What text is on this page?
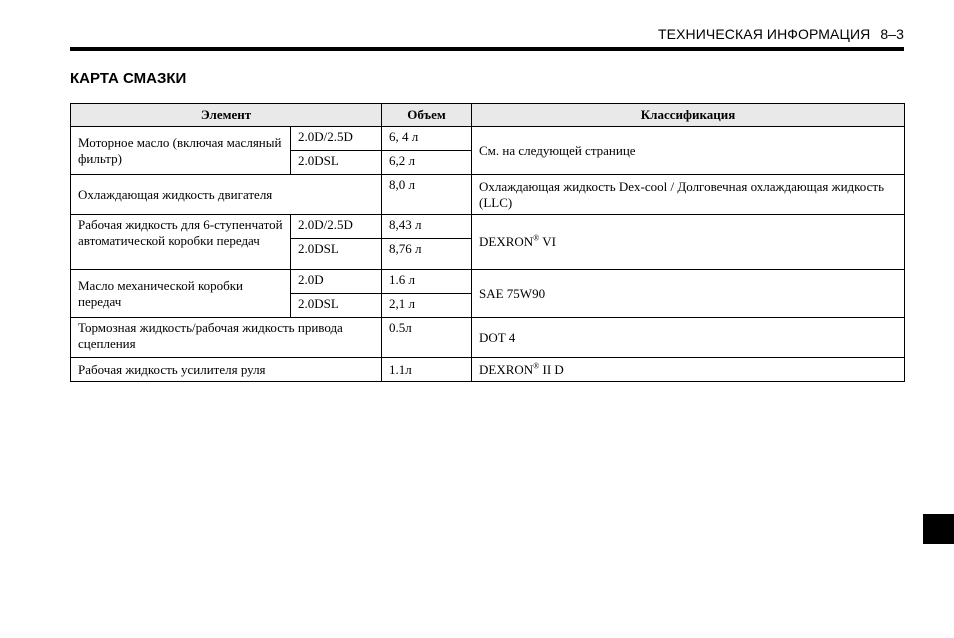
ТЕХНИЧЕСКАЯ ИНФОРМАЦИЯ 8–3
КАРТА СМАЗКИ
Элемент		Объем	Классификация
Моторное масло (включая масляный фильтр)	2.0D/2.5D	6, 4 л	См. на следующей странице
	2.0DSL	6,2 л	
Охлаждающая жидкость двигателя		8,0 л	Охлаждающая жидкость Dex-cool / Долговечная охлаждающая жидкость (LLC)
Рабочая жидкость для 6-ступенчатой автоматической коробки передач	2.0D/2.5D	8,43 л	DEXRON® VI
	2.0DSL	8,76 л	
Масло механической коробки передач	2.0D	1.6 л	SAE 75W90
	2.0DSL	2,1 л	
Тормозная жидкость/рабочая жидкость привода сцепления		0.5л	DOT 4
Рабочая жидкость усилителя руля		1.1л	DEXRON® II D
